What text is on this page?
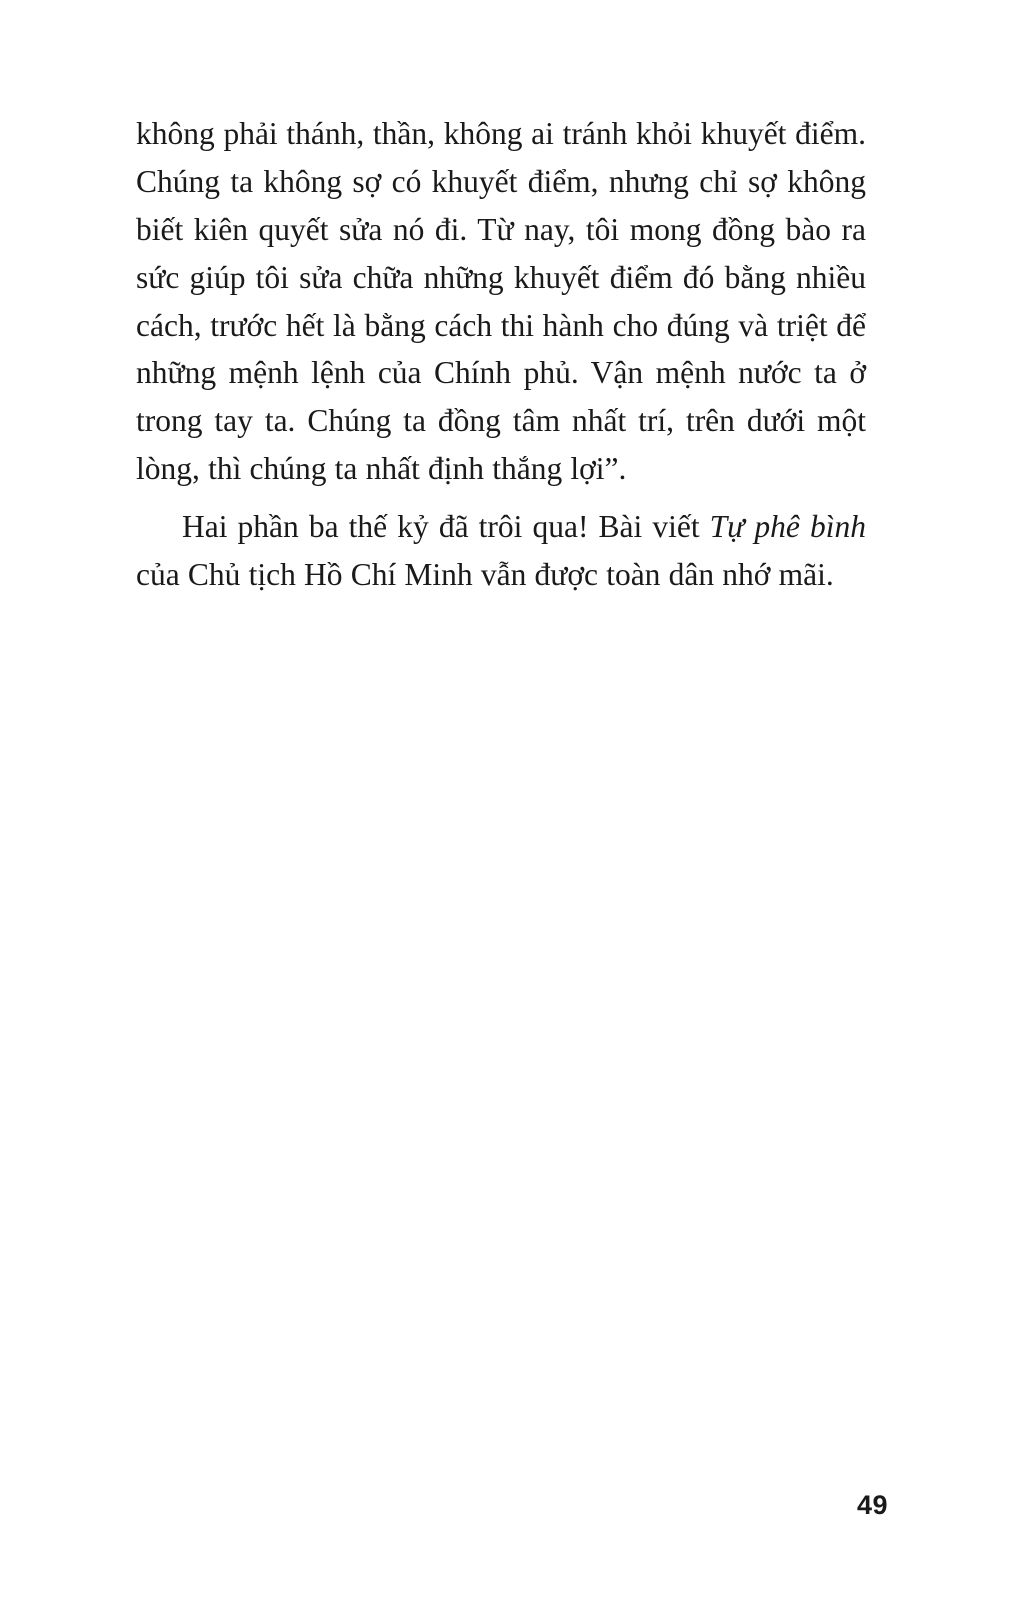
không phải thánh, thần, không ai tránh khỏi khuyết điểm. Chúng ta không sợ có khuyết điểm, nhưng chỉ sợ không biết kiên quyết sửa nó đi. Từ nay, tôi mong đồng bào ra sức giúp tôi sửa chữa những khuyết điểm đó bằng nhiều cách, trước hết là bằng cách thi hành cho đúng và triệt để những mệnh lệnh của Chính phủ. Vận mệnh nước ta ở trong tay ta. Chúng ta đồng tâm nhất trí, trên dưới một lòng, thì chúng ta nhất định thắng lợi”.

Hai phần ba thế kỷ đã trôi qua! Bài viết Tự phê bình của Chủ tịch Hồ Chí Minh vẫn được toàn dân nhớ mãi.

49
